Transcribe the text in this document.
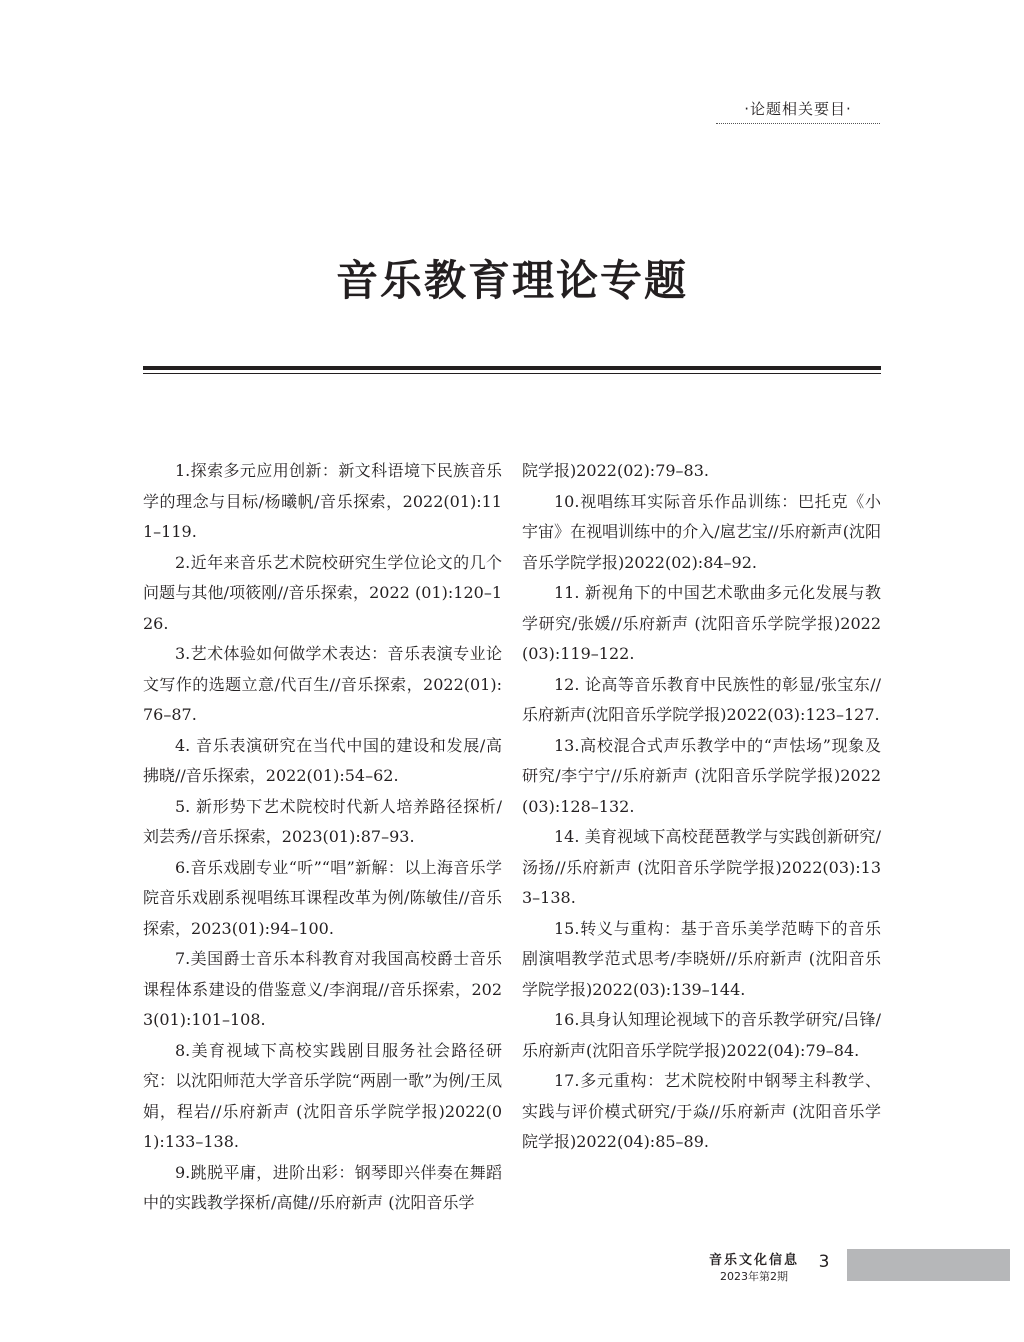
·论题相关要目·
音乐教育理论专题

1.探索多元应用创新：新文科语境下民族音乐学的理念与目标/杨曦帆/音乐探索，2022(01):111–119.

2.近年来音乐艺术院校研究生学位论文的几个问题与其他/项筱刚//音乐探索，2022 (01):120–126.

3.艺术体验如何做学术表达：音乐表演专业论文写作的选题立意/代百生//音乐探索，2022(01):76–87.

4. 音乐表演研究在当代中国的建设和发展/高拂晓//音乐探索，2022(01):54–62.

5. 新形势下艺术院校时代新人培养路径探析/刘芸秀//音乐探索，2023(01):87–93.

6.音乐戏剧专业“听”“唱”新解：以上海音乐学院音乐戏剧系视唱练耳课程改革为例/陈敏佳//音乐探索，2023(01):94–100.

7.美国爵士音乐本科教育对我国高校爵士音乐课程体系建设的借鉴意义/李润琨//音乐探索，2023(01):101–108.

8.美育视域下高校实践剧目服务社会路径研究：以沈阳师范大学音乐学院“两剧一歌”为例/王凤娟，程岩//乐府新声 (沈阳音乐学院学报)2022(01):133–138.

9.跳脱平庸，进阶出彩：钢琴即兴伴奏在舞蹈中的实践教学探析/高健//乐府新声 (沈阳音乐学

院学报)2022(02):79–83.

10.视唱练耳实际音乐作品训练：巴托克《小宇宙》在视唱训练中的介入/扈艺宝//乐府新声(沈阳音乐学院学报)2022(02):84–92.

11. 新视角下的中国艺术歌曲多元化发展与教学研究/张媛//乐府新声 (沈阳音乐学院学报)2022(03):119–122.

12. 论高等音乐教育中民族性的彰显/张宝东//乐府新声(沈阳音乐学院学报)2022(03):123–127.

13.高校混合式声乐教学中的“声怯场”现象及研究/李宁宁//乐府新声 (沈阳音乐学院学报)2022(03):128–132.

14. 美育视域下高校琵琶教学与实践创新研究/汤扬//乐府新声 (沈阳音乐学院学报)2022(03):133–138.

15.转义与重构：基于音乐美学范畴下的音乐剧演唱教学范式思考/李晓妍//乐府新声 (沈阳音乐学院学报)2022(03):139–144.

16.具身认知理论视域下的音乐教学研究/吕锋/乐府新声(沈阳音乐学院学报)2022(04):79–84.

17.多元重构：艺术院校附中钢琴主科教学、实践与评价模式研究/于焱//乐府新声 (沈阳音乐学院学报)2022(04):85–89.

音乐文化信息
2023年第2期
3
